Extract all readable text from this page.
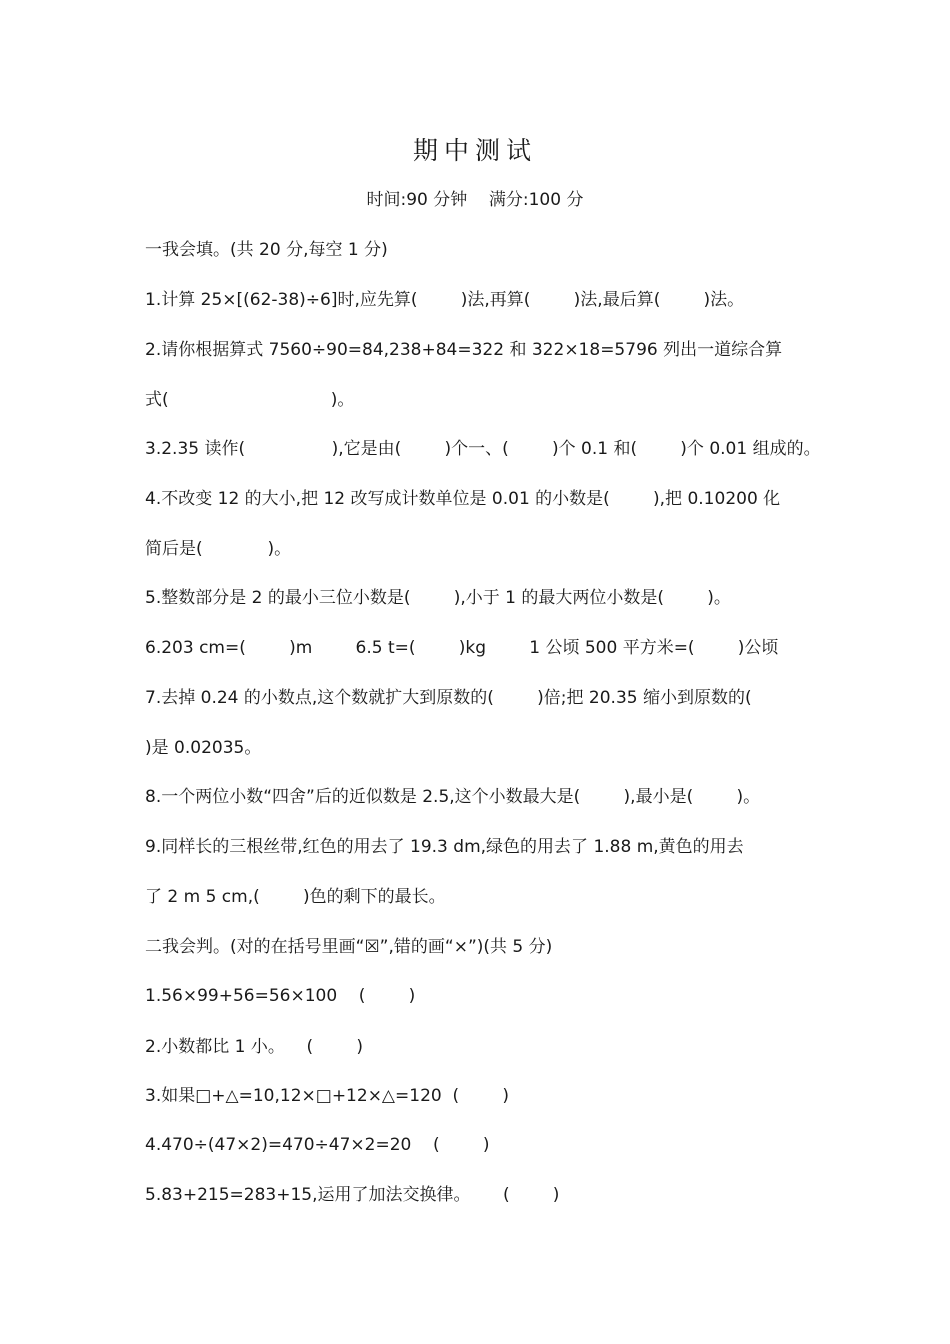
期中测试
时间:90 分钟    满分:100 分
一我会填。(共 20 分,每空 1 分)
1.计算 25×[(62-38)÷6]时,应先算(        )法,再算(        )法,最后算(        )法。
2.请你根据算式 7560÷90=84,238+84=322 和 322×18=5796 列出一道综合算
式(                              )。
3.2.35 读作(                ),它是由(        )个一、(        )个 0.1 和(        )个 0.01 组成的。
4.不改变 12 的大小,把 12 改写成计数单位是 0.01 的小数是(        ),把 0.10200 化
简后是(            )。
5.整数部分是 2 的最小三位小数是(        ),小于 1 的最大两位小数是(        )。
6.203 cm=(        )m        6.5 t=(        )kg        1 公顷 500 平方米=(        )公顷
7.去掉 0.24 的小数点,这个数就扩大到原数的(        )倍;把 20.35 缩小到原数的(
)是 0.02035。
8.一个两位小数“四舍”后的近似数是 2.5,这个小数最大是(        ),最小是(        )。
9.同样长的三根丝带,红色的用去了 19.3 dm,绿色的用去了 1.88 m,黄色的用去
了 2 m 5 cm,(        )色的剩下的最长。
二我会判。(对的在括号里画“☒”,错的画“×”)(共 5 分)
1.56×99+56=56×100    (        )
2.小数都比 1 小。    (        )
3.如果□+△=10,12×□+12×△=120  (        )
4.470÷(47×2)=470÷47×2=20    (        )
5.83+215=283+15,运用了加法交换律。      (        )
